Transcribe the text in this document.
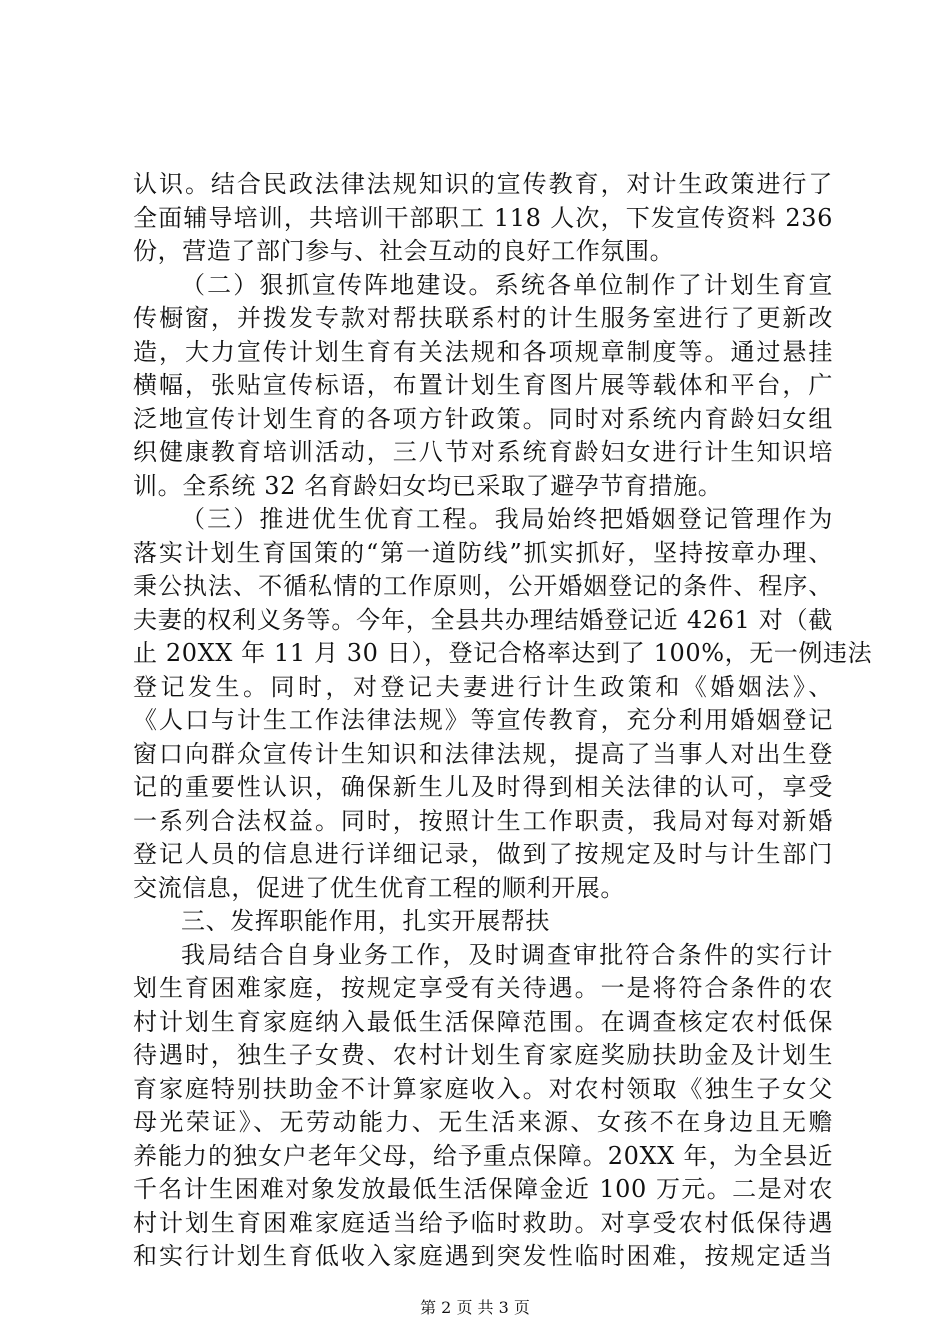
认识。结合民政法律法规知识的宣传教育，对计生政策进行了
全面辅导培训，共培训干部职工 118 人次，下发宣传资料 236
份，营造了部门参与、社会互动的良好工作氛围。
（二）狠抓宣传阵地建设。系统各单位制作了计划生育宣
传橱窗，并拨发专款对帮扶联系村的计生服务室进行了更新改
造，大力宣传计划生育有关法规和各项规章制度等。通过悬挂
横幅，张贴宣传标语，布置计划生育图片展等载体和平台，广
泛地宣传计划生育的各项方针政策。同时对系统内育龄妇女组
织健康教育培训活动，三八节对系统育龄妇女进行计生知识培
训。全系统 32 名育龄妇女均已采取了避孕节育措施。
（三）推进优生优育工程。我局始终把婚姻登记管理作为
落实计划生育国策的“第一道防线”抓实抓好，坚持按章办理、
秉公执法、不循私情的工作原则，公开婚姻登记的条件、程序、
夫妻的权利义务等。今年，全县共办理结婚登记近 4261 对（截
止 20XX 年 11 月 30 日），登记合格率达到了 100%，无一例违法
登记发生。同时，对登记夫妻进行计生政策和《婚姻法》、
《人口与计生工作法律法规》等宣传教育，充分利用婚姻登记
窗口向群众宣传计生知识和法律法规，提高了当事人对出生登
记的重要性认识，确保新生儿及时得到相关法律的认可，享受
一系列合法权益。同时，按照计生工作职责，我局对每对新婚
登记人员的信息进行详细记录，做到了按规定及时与计生部门
交流信息，促进了优生优育工程的顺利开展。
三、发挥职能作用，扎实开展帮扶
我局结合自身业务工作，及时调查审批符合条件的实行计
划生育困难家庭，按规定享受有关待遇。一是将符合条件的农
村计划生育家庭纳入最低生活保障范围。在调查核定农村低保
待遇时，独生子女费、农村计划生育家庭奖励扶助金及计划生
育家庭特别扶助金不计算家庭收入。对农村领取《独生子女父
母光荣证》、无劳动能力、无生活来源、女孩不在身边且无赡
养能力的独女户老年父母，给予重点保障。20XX 年，为全县近
千名计生困难对象发放最低生活保障金近 100 万元。二是对农
村计划生育困难家庭适当给予临时救助。对享受农村低保待遇
和实行计划生育低收入家庭遇到突发性临时困难，按规定适当
第 2 页 共 3 页
